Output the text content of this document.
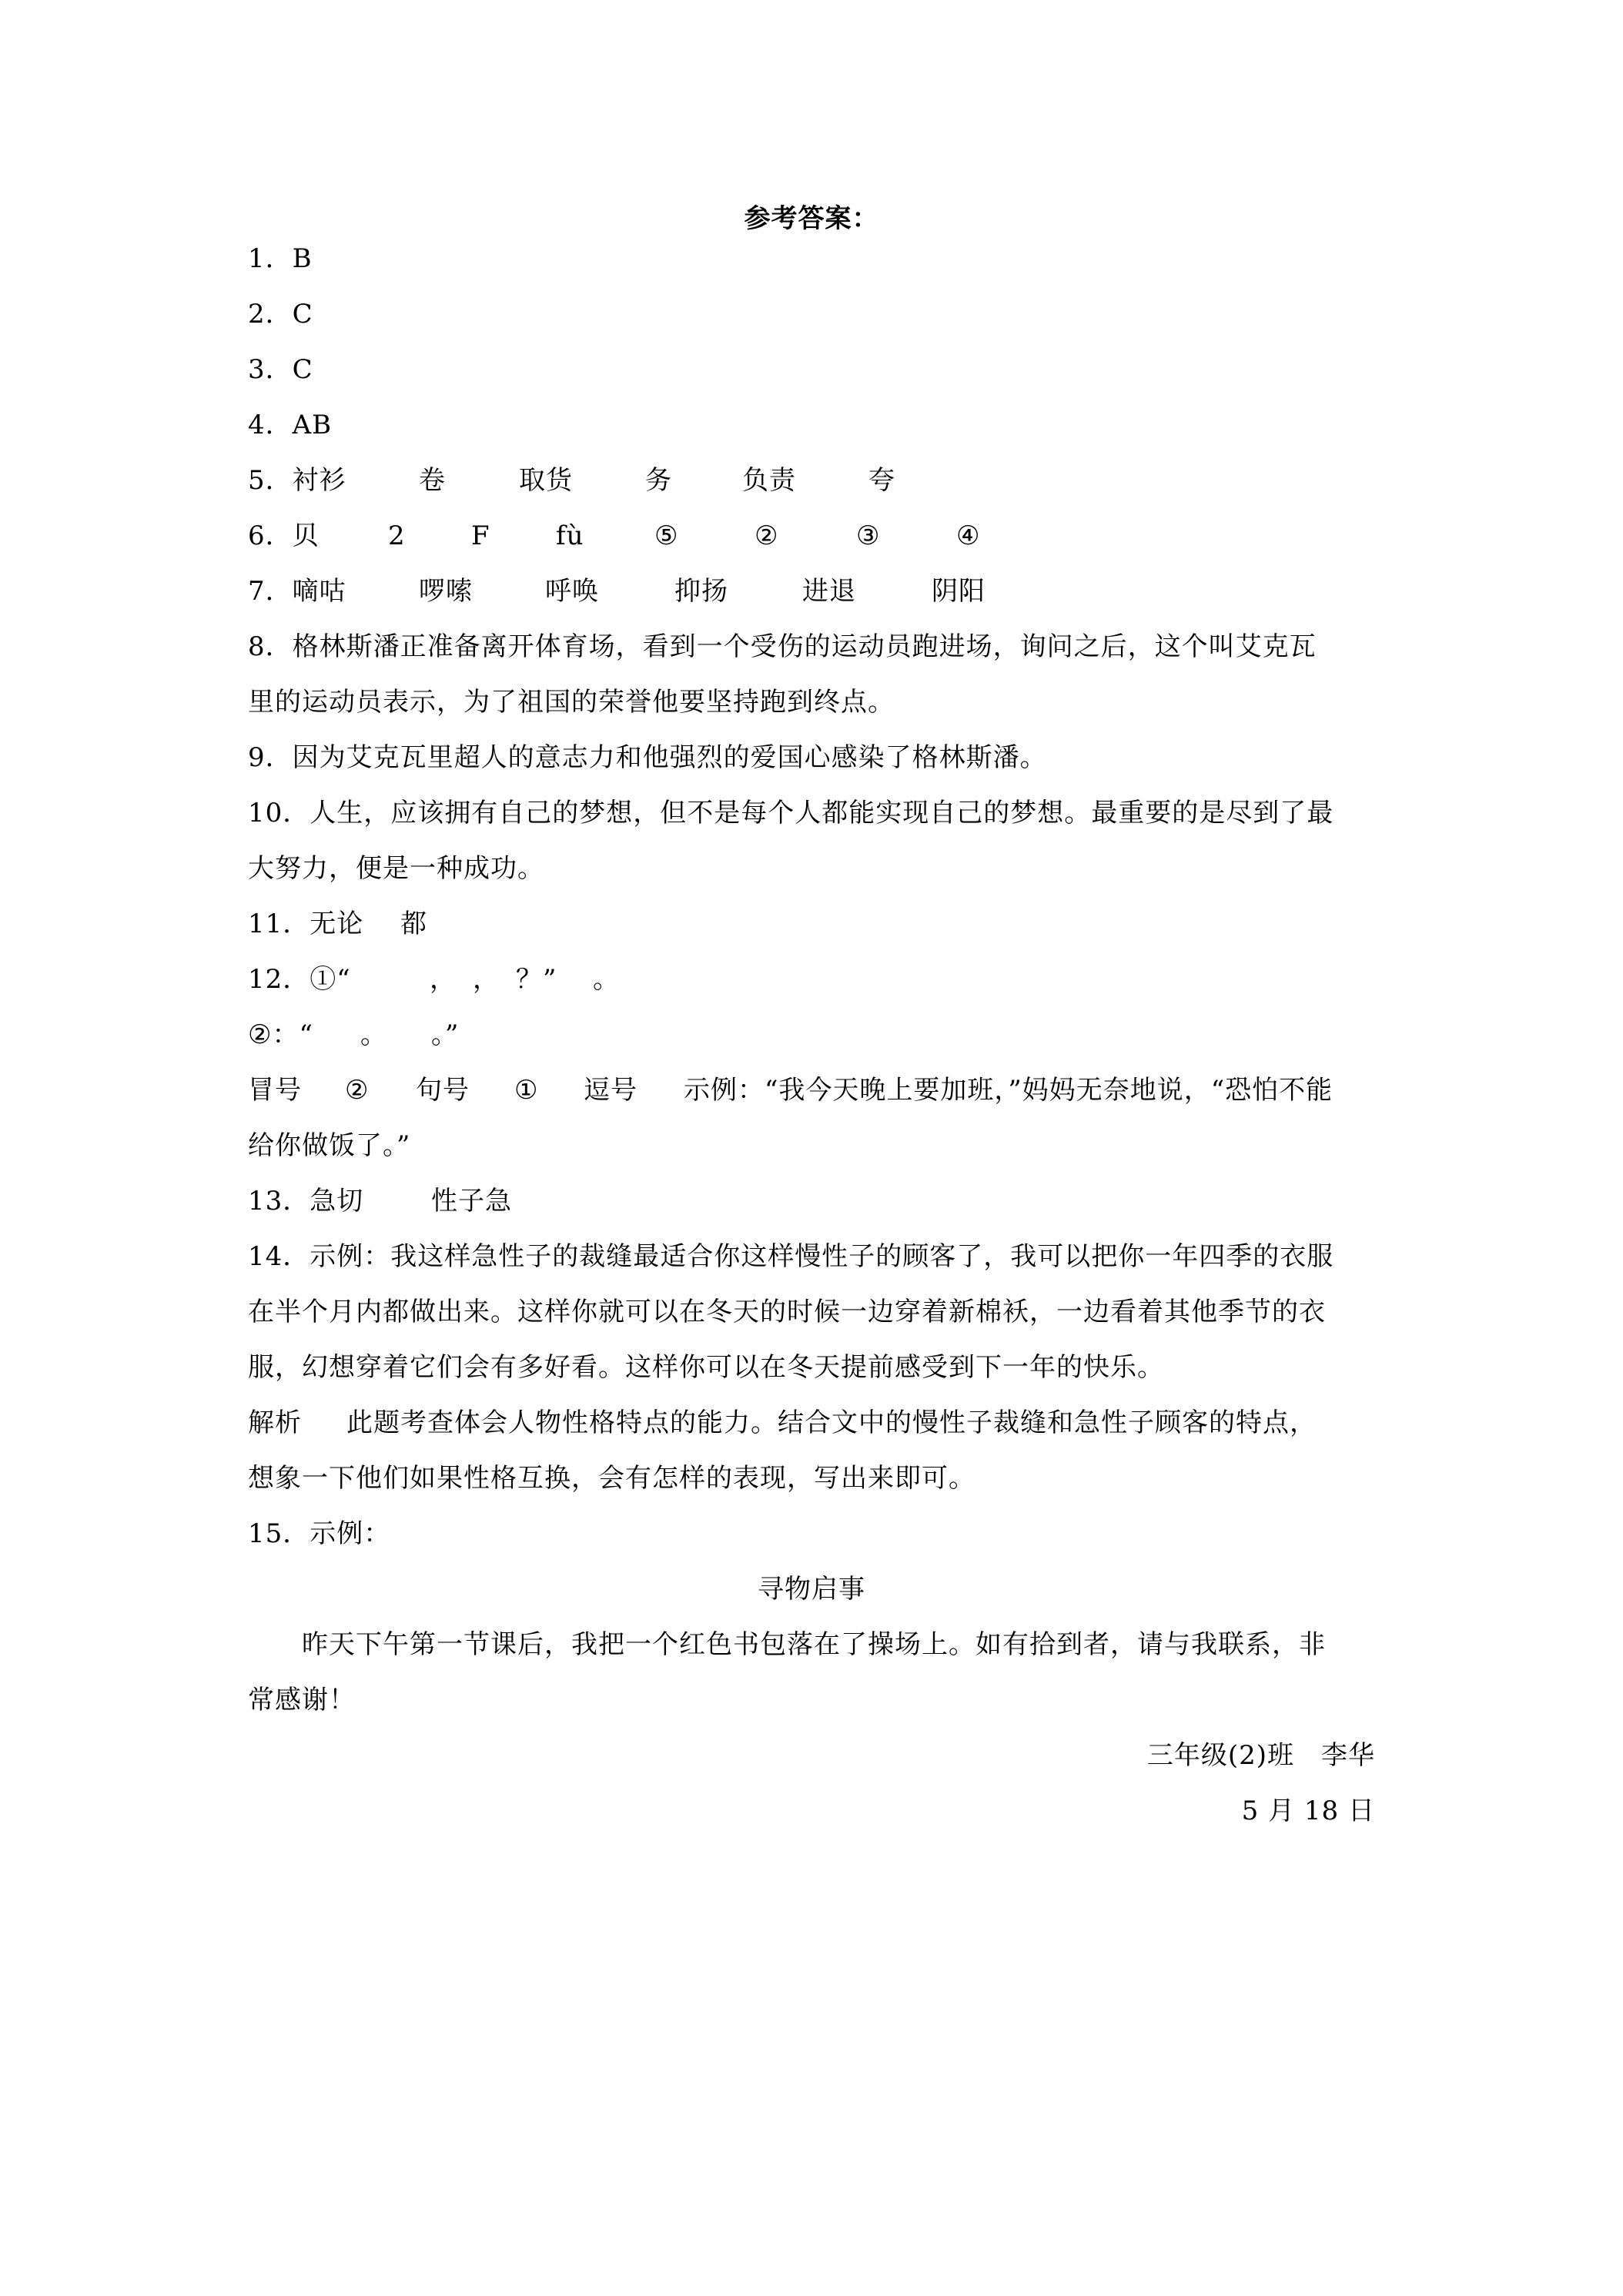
参考答案：
1．B
2．C
3．C
4．AB
5．衬衫	卷	取货	务	负责	夸
6．贝	2	F	fù	⑤	②	③	④
7．嘀咕	啰嗦	呼唤	抑扬	进退	阴阳
8．格林斯潘正准备离开体育场，看到一个受伤的运动员跑进场，询问之后，这个叫艾克瓦
里的运动员表示，为了祖国的荣誉他要坚持跑到终点。
9．因为艾克瓦里超人的意志力和他强烈的爱国心感染了格林斯潘。
10．人生，应该拥有自己的梦想，但不是每个人都能实现自己的梦想。最重要的是尽到了最
大努力，便是一种成功。
11．无论	都
12．①“	， ， ？”	。
②：“	。	。”
冒号	②	句号	①	逗号	示例：“我今天晚上要加班，”妈妈无奈地说，“恐怕不能
给你做饭了。”
13．急切	性子急
14．示例：我这样急性子的裁缝最适合你这样慢性子的顾客了，我可以把你一年四季的衣服
在半个月内都做出来。这样你就可以在冬天的时候一边穿着新棉袄，一边看着其他季节的衣
服，幻想穿着它们会有多好看。这样你可以在冬天提前感受到下一年的快乐。
解析	此题考查体会人物性格特点的能力。结合文中的慢性子裁缝和急性子顾客的特点，
想象一下他们如果性格互换，会有怎样的表现，写出来即可。
15．示例：
寻物启事
昨天下午第一节课后，我把一个红色书包落在了操场上。如有拾到者，请与我联系，非
常感谢！
三年级(2)班　李华
5 月 18 日
